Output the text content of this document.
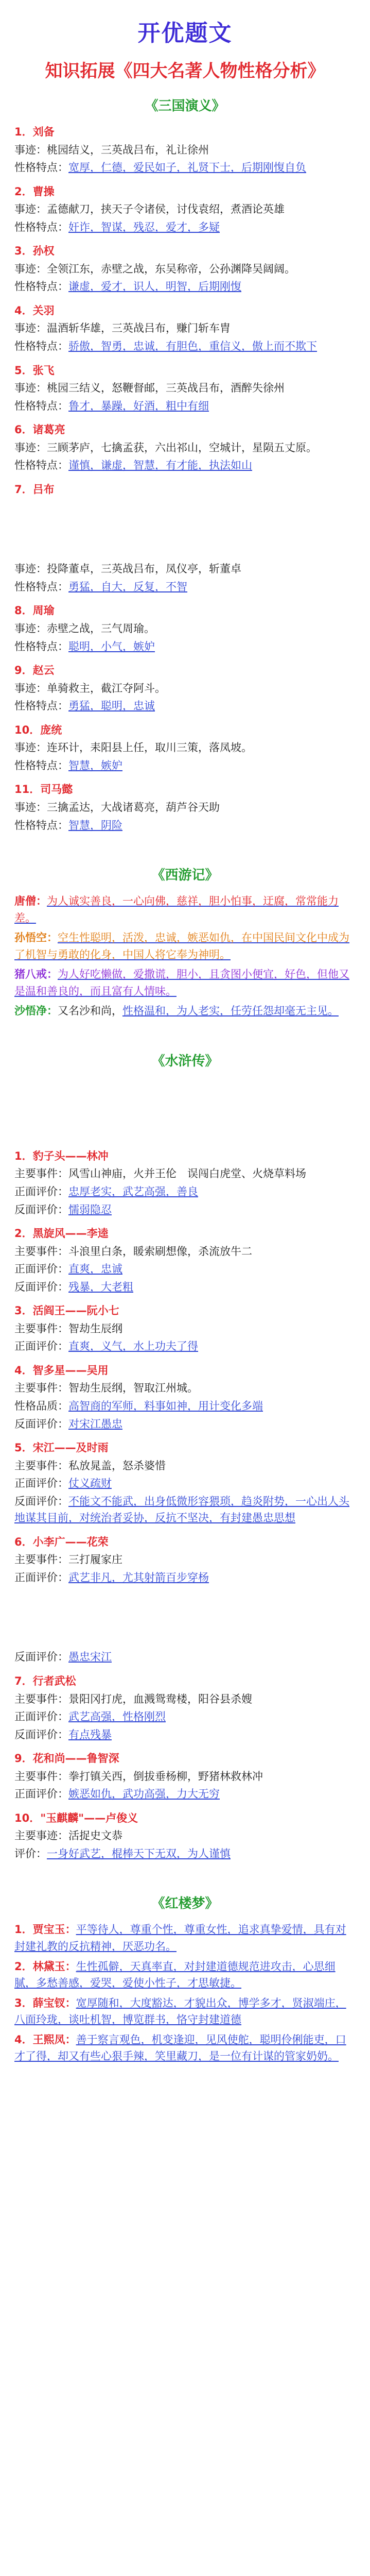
开优题文
知识拓展《四大名著人物性格分析》
《三国演义》
1．刘备
事迹：桃园结义，三英战吕布，礼让徐州
性格特点：宽厚，仁德，爱民如子，礼贤下士，后期刚愎自负
2．曹操
事迹：孟德献刀，挟天子令诸侯，讨伐袁绍，煮酒论英雄
性格特点：奸诈，智谋，残忍，爱才，多疑
3．孙权
事迹：全领江东，赤壁之战，东吴称帝，公孙渊降吴阔阔。
性格特点：谦虚，爱才，识人，明智，后期刚愎
4．关羽
事迹：温酒斩华雄，三英战吕布，赚门斩车胄
性格特点：骄傲，智勇，忠诚，有胆色，重信义，傲上而不欺下
5．张飞
事迹：桃园三结义，怒鞭督邮，三英战吕布，酒醉失徐州
性格特点：鲁才，暴躁，好酒，粗中有细
6．诸葛亮
事迹：三顾茅庐，七擒孟获，六出祁山，空城计，星陨五丈原。
性格特点：谨慎，谦虚，智慧，有才能，执法如山
7．吕布
事迹：投降董卓，三英战吕布，凤仪亭，斩董卓
性格特点：勇猛，自大，反复，不智
8．周瑜
事迹：赤壁之战，三气周瑜。
性格特点：聪明，小气，嫉妒
9．赵云
事迹：单骑救主，截江夺阿斗。
性格特点：勇猛，聪明，忠诚
10．庞统
事迹：连环计，耒阳县上任，取川三策，落凤坡。
性格特点：智慧，嫉妒
11．司马懿
事迹：三擒孟达，大战诸葛亮，葫芦谷天助
性格特点：智慧，阴险
《西游记》
唐僧：为人诚实善良，一心向佛，慈祥，胆小怕事，迂腐，常常能力差。
孙悟空：空生性聪明，活泼，忠诚，嫉恶如仇，在中国民间文化中成为了机智与勇敢的化身，中国人将它奉为神明。
猪八戒：为人好吃懒做，爱撒谎，胆小，且贪图小便宜，好色，但他又是温和善良的，而且富有人情味。
沙悟净：又名沙和尚，性格温和，为人老实，任劳任怨却毫无主见。
《水浒传》
1．豹子头——林冲
主要事件：风雪山神庙，火并王伦　误闯白虎堂、火烧草料场
正面评价：忠厚老实，武艺高强，善良
反面评价：懦弱隐忍
2．黑旋风——李逵
主要事件：斗浪里白条，䁔索刷想像，杀流放牛二
正面评价：直爽，忠诚
反面评价：残暴，大老粗
3．活阎王——阮小七
主要事件：智劫生辰纲
正面评价：直爽，义气，水上功夫了得
4．智多星——吴用
主要事件：智劫生辰纲，智取江州城。
性格品质：高智商的军师，料事如神，用计变化多端
反面评价：对宋江愚忠
5．宋江——及时雨
主要事件：私放晁盖，怒杀婆惜
正面评价：仗义疏财
反面评价：不能文不能武，出身低微形容猥琐，趋炎附势，一心出人头地谋其目前，对统治者妥协，反抗不坚决，有封建愚忠思想
6．小李广——花荣
主要事件：三打履家庄
正面评价：武艺非凡，尤其射箭百步穿杨
反面评价：愚忠宋江
7．行者武松
主要事件：景阳冈打虎，血溅鸳鸯楼，阳谷县杀嫂
正面评价：武艺高强，性格刚烈
反面评价：有点残暴
9．花和尚——鲁智深
主要事件：拳打镇关西，倒拔垂杨柳，野猪林救林冲
正面评价：嫉恶如仇，武功高强，力大无穷
10．"玉麒麟"——卢俊义
主要事迹：活捉史文恭
评价：一身好武艺，棍棒天下无双，为人谨慎
《红楼梦》
1．贾宝玉：平等待人，尊重个性，尊重女性，追求真挚爱情，具有对封建礼教的反抗精神，厌恶功名。
2．林黛玉：生性孤僻，天真率直，对封建道德规范进攻击，心思细腻，多愁善感，爱哭，爱使小性子，才思敏捷。
3．薛宝钗：宽厚随和，大度豁达，才貌出众，博学多才，贤淑端庄，八面玲珑，谈吐机智，博览群书，恪守封建道德
4．王熙凤：善于察言观色，机变逢迎，见风使舵，聪明伶俐能吏，口才了得，却又有些心狠手辣，笑里藏刀，是一位有计谋的管家奶奶。
